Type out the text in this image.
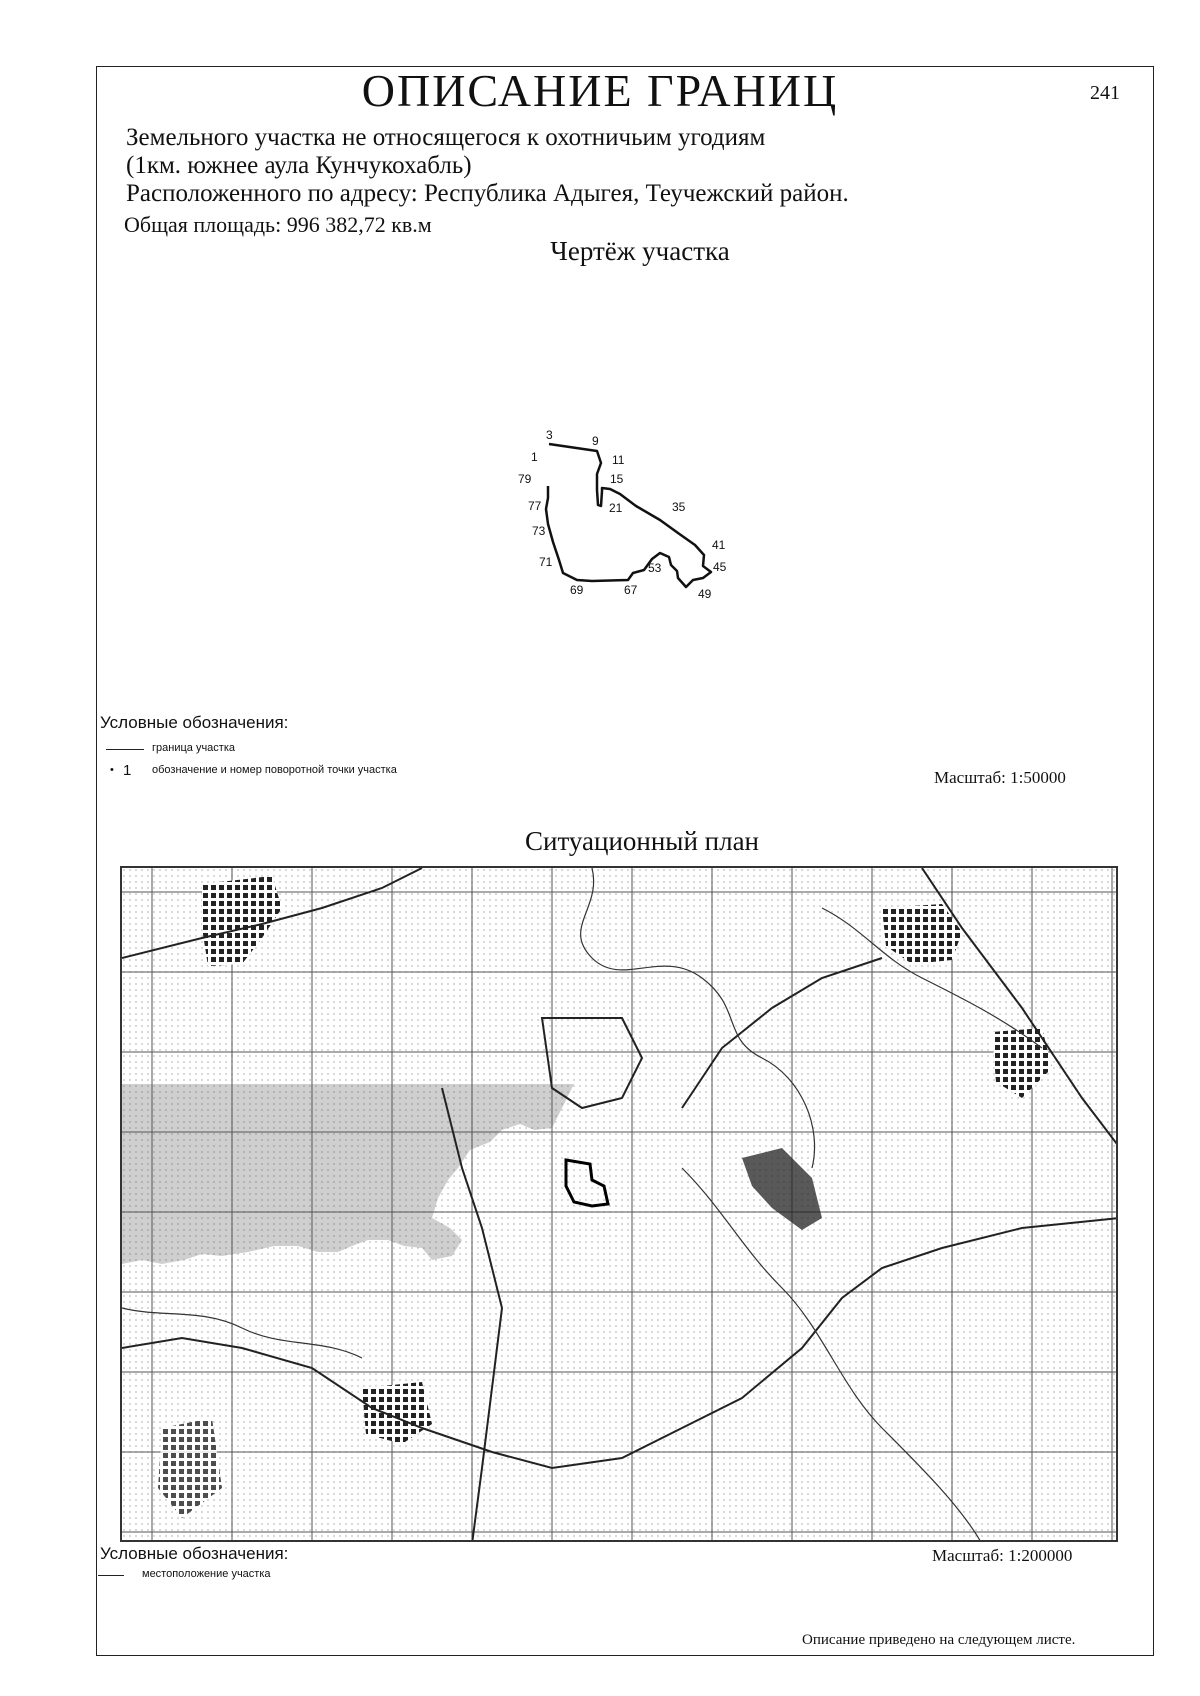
ОПИСАНИЕ ГРАНИЦ	241
Земельного участка не относящегося к охотничьим угодиям
(1км. южнее аула Кунчукохабль)
Расположенного по адресу: Республика Адыгея, Теучежский район.
Общая площадь: 996 382,72 кв.м
Чертёж участка
3	9
1	11
79	15
77	21	35
73
41
71	53	45
69	67	49
Условные обозначения:
граница участка
• 1 обозначение и номер поворотной точки участка	Масштаб: 1:50000
Ситуационный план
Условные обозначения:
местоположение участка
Масштаб: 1:200000
Описание приведено на следующем листе.
